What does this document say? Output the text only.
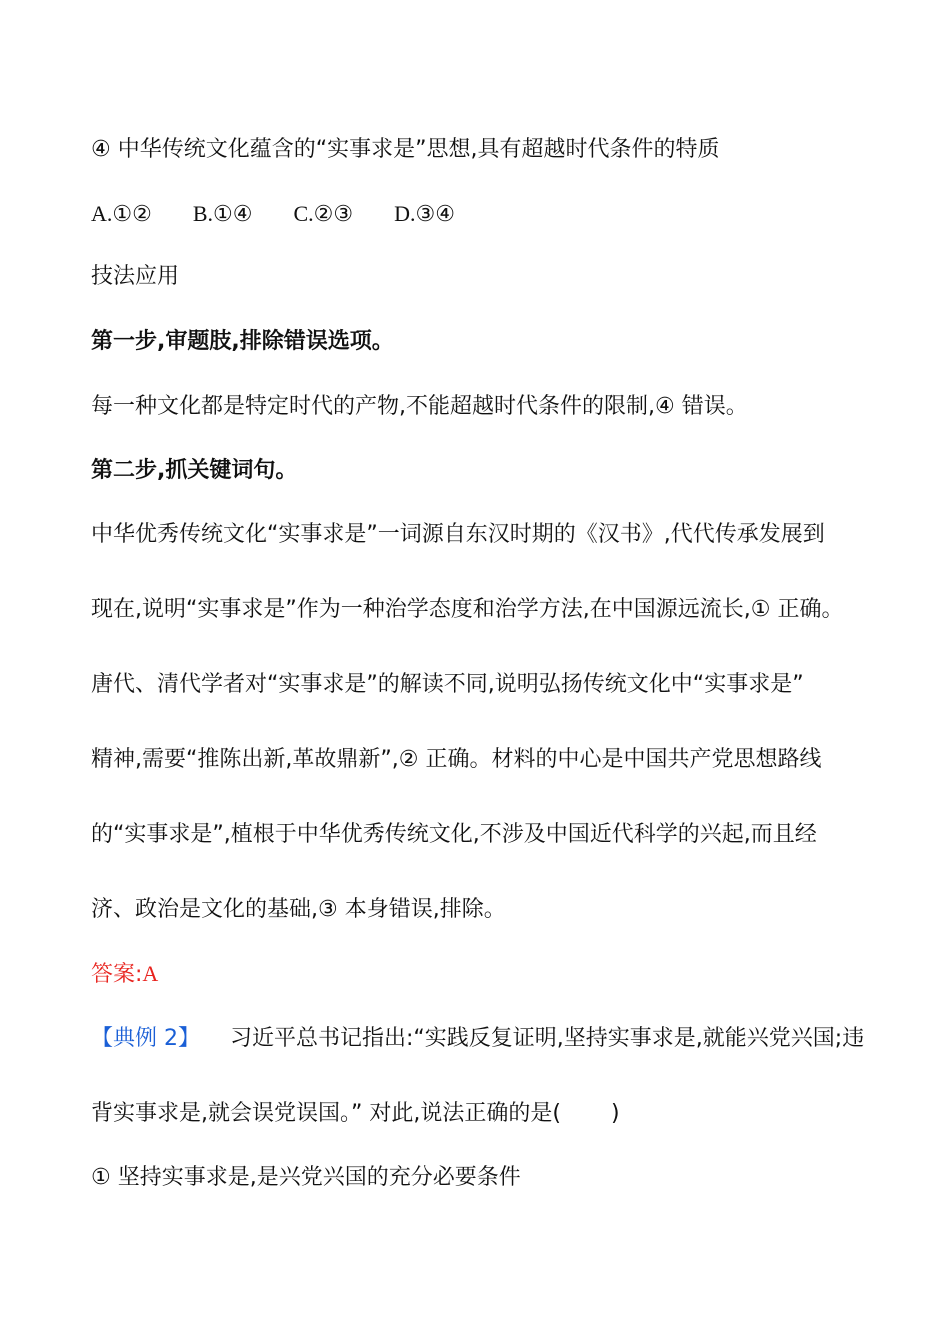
④ 中华传统文化蕴含的“实事求是”思想,具有超越时代条件的特质
A.①② B.①④ C.②③ D.③④
技法应用
第一步,审题肢,排除错误选项。
每一种文化都是特定时代的产物,不能超越时代条件的限制,④ 错误。
第二步,抓关键词句。
中华优秀传统文化“实事求是”一词源自东汉时期的《汉书》,代代传承发展到
现在,说明“实事求是”作为一种治学态度和治学方法,在中国源远流长,① 正确。
唐代、清代学者对“实事求是”的解读不同,说明弘扬传统文化中“实事求是”
精神,需要“推陈出新,革故鼎新”,② 正确。材料的中心是中国共产党思想路线
的“实事求是”,植根于中华优秀传统文化,不涉及中国近代科学的兴起,而且经
济、政治是文化的基础,③ 本身错误,排除。
答案:A
【典例 2】 习近平总书记指出:“实践反复证明,坚持实事求是,就能兴党兴国;违
背实事求是,就会误党误国。” 对此,说法正确的是( )
① 坚持实事求是,是兴党兴国的充分必要条件
